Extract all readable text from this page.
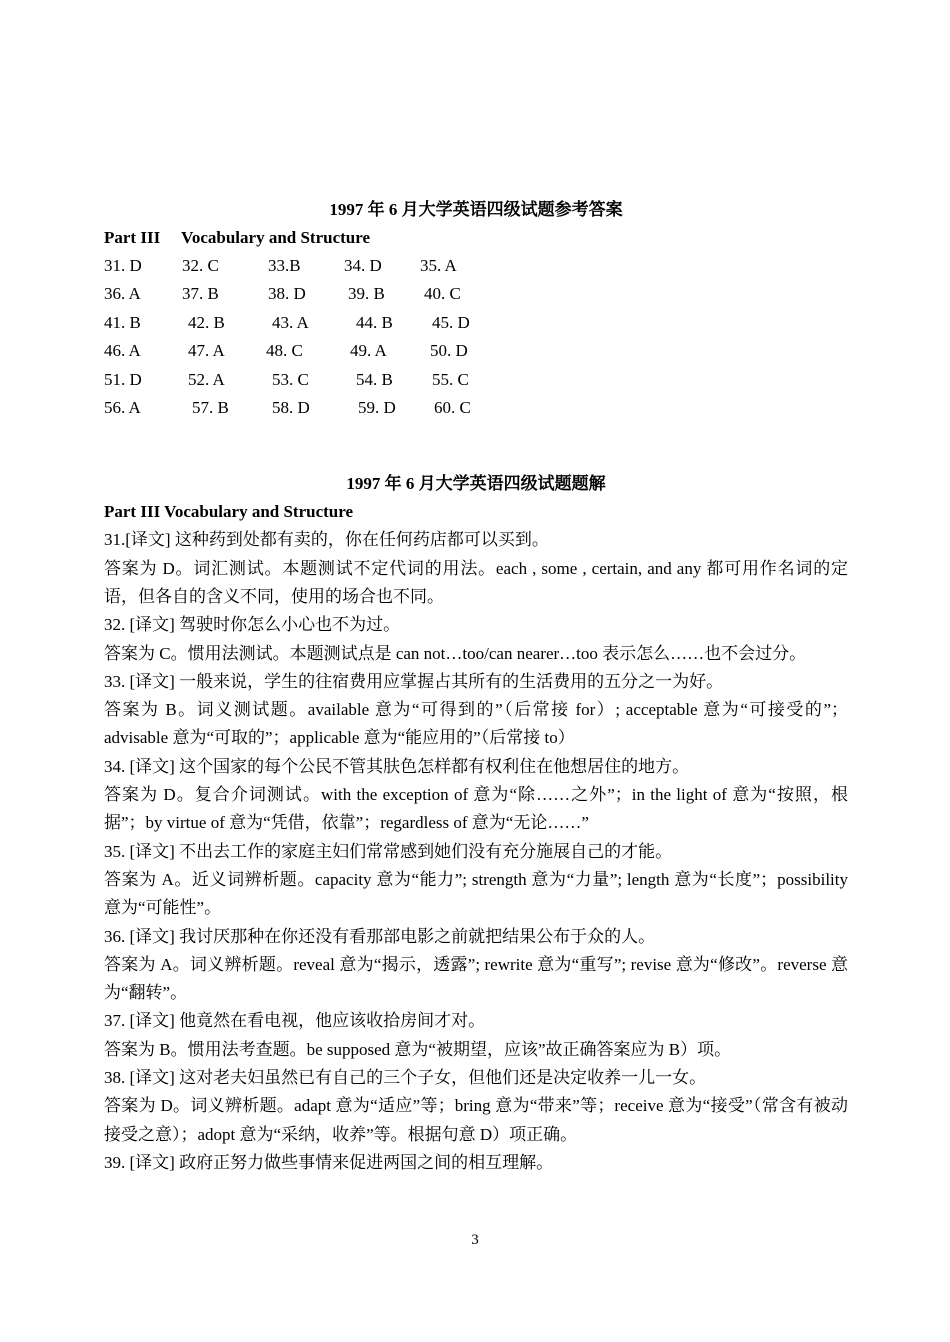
1997 年 6 月大学英语四级试题参考答案
Part III     Vocabulary and Structure
31. D 32. C	33.B	34. D 35. A
36. A 37. B	38. D 39. B 40. C
41. B	42. B	43. A	44. B 45. D
46. A	47. A 48. C	49. A	50. D
51. D	52. A	53. C	54. B 55. C
56. A	57. B	58. D	59. D 60. C
1997 年 6 月大学英语四级试题题解
Part III Vocabulary and Structure
31.[译文] 这种药到处都有卖的，你在任何药店都可以买到。
答案为 D。词汇测试。本题测试不定代词的用法。each , some , certain, and any 都可用作名词的定语，但各自的含义不同，使用的场合也不同。
32. [译文] 驾驶时你怎么小心也不为过。
答案为 C。惯用法测试。本题测试点是 can not…too/can nearer…too 表示怎么……也不会过分。
33. [译文] 一般来说，学生的往宿费用应掌握占其所有的生活费用的五分之一为好。
答案为 B。词义测试题。available 意为“可得到的”（后常接 for）; acceptable 意为“可接受的”；advisable 意为“可取的”；applicable 意为“能应用的”（后常接 to）
34. [译文] 这个国家的每个公民不管其肤色怎样都有权利住在他想居住的地方。
答案为 D。复合介词测试。with the exception of 意为“除……之外”；in the light of 意为“按照，根据”；by virtue of 意为“凭借，依靠”；regardless of 意为“无论……”
35. [译文] 不出去工作的家庭主妇们常常感到她们没有充分施展自己的才能。
答案为 A。近义词辨析题。capacity 意为“能力”; strength 意为“力量”; length 意为“长度”；possibility 意为“可能性”。
36. [译文] 我讨厌那种在你还没有看那部电影之前就把结果公布于众的人。
答案为 A。词义辨析题。reveal 意为“揭示，透露”; rewrite 意为“重写”; revise 意为“修改”。reverse 意为“翻转”。
37. [译文] 他竟然在看电视，他应该收拾房间才对。
答案为 B。惯用法考查题。be supposed 意为“被期望，应该”故正确答案应为 B）项。
38. [译文] 这对老夫妇虽然已有自己的三个子女，但他们还是决定收养一儿一女。
答案为 D。词义辨析题。adapt 意为“适应”等；bring 意为“带来”等；receive 意为“接受”（常含有被动接受之意）；adopt 意为“采纳，收养”等。根据句意 D）项正确。
39. [译文] 政府正努力做些事情来促进两国之间的相互理解。
3
